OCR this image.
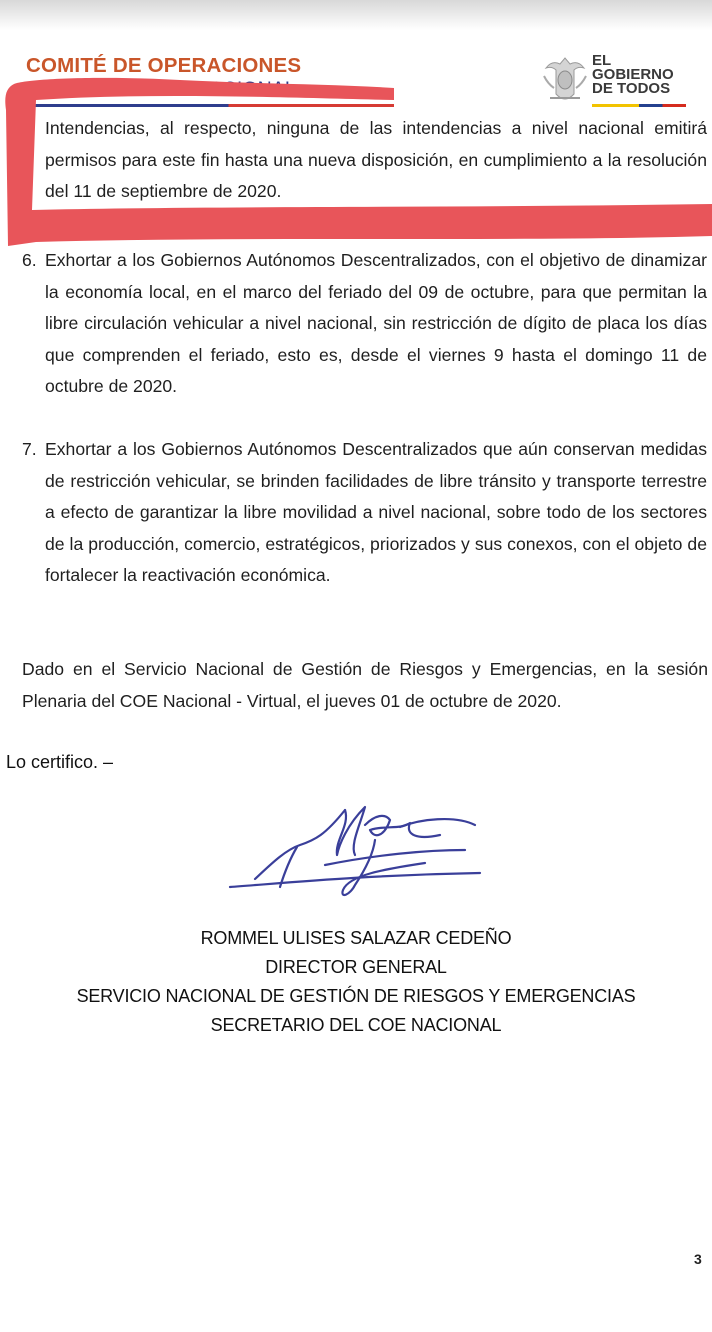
COMITÉ DE OPERACIONES	EL
GOBIERNO
DE TODOS

Intendencias, al respecto, ninguna de las intendencias a nivel nacional emitirá permisos para este fin hasta una nueva disposición, en cumplimiento a la resolución del 11 de septiembre de 2020.

6. Exhortar a los Gobiernos Autónomos Descentralizados, con el objetivo de dinamizar la economía local, en el marco del feriado del 09 de octubre, para que permitan la libre circulación vehicular a nivel nacional, sin restricción de dígito de placa los días que comprenden el feriado, esto es, desde el viernes 9 hasta el domingo 11 de octubre de 2020.
7. Exhortar a los Gobiernos Autónomos Descentralizados que aún conservan medidas de restricción vehicular, se brinden facilidades de libre tránsito y transporte terrestre a efecto de garantizar la libre movilidad a nivel nacional, sobre todo de los sectores de la producción, comercio, estratégicos, priorizados y sus conexos, con el objeto de fortalecer la reactivación económica.

Dado en el Servicio Nacional de Gestión de Riesgos y Emergencias, en la sesión Plenaria del COE Nacional - Virtual, el jueves 01 de octubre de 2020.

Lo certifico. –
ROMMEL ULISES SALAZAR CEDEÑO
DIRECTOR GENERAL
SERVICIO NACIONAL DE GESTIÓN DE RIESGOS Y EMERGENCIAS
SECRETARIO DEL COE NACIONAL
3
